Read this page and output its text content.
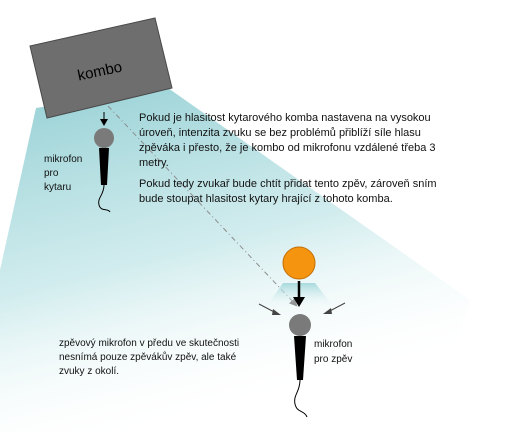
kombo

Pokud je hlasitost kytarového komba nastavena na vysokou úroveň, intenzita zvuku se bez problémů přiblíží síle hlasu zpěváka i přesto, že je kombo od mikrofonu vzdálené třeba 3 metry.

Pokud tedy zvukař bude chtít přidat tento zpěv, zároveň sním bude stoupat hlasitost kytary hrající z tohoto komba.

mikrofon
pro
kytaru
mikrofon
pro zpěv
zpěvový mikrofon v předu ve skutečnosti
nesnímá pouze zpěvákův zpěv, ale také
zvuky z okolí.
